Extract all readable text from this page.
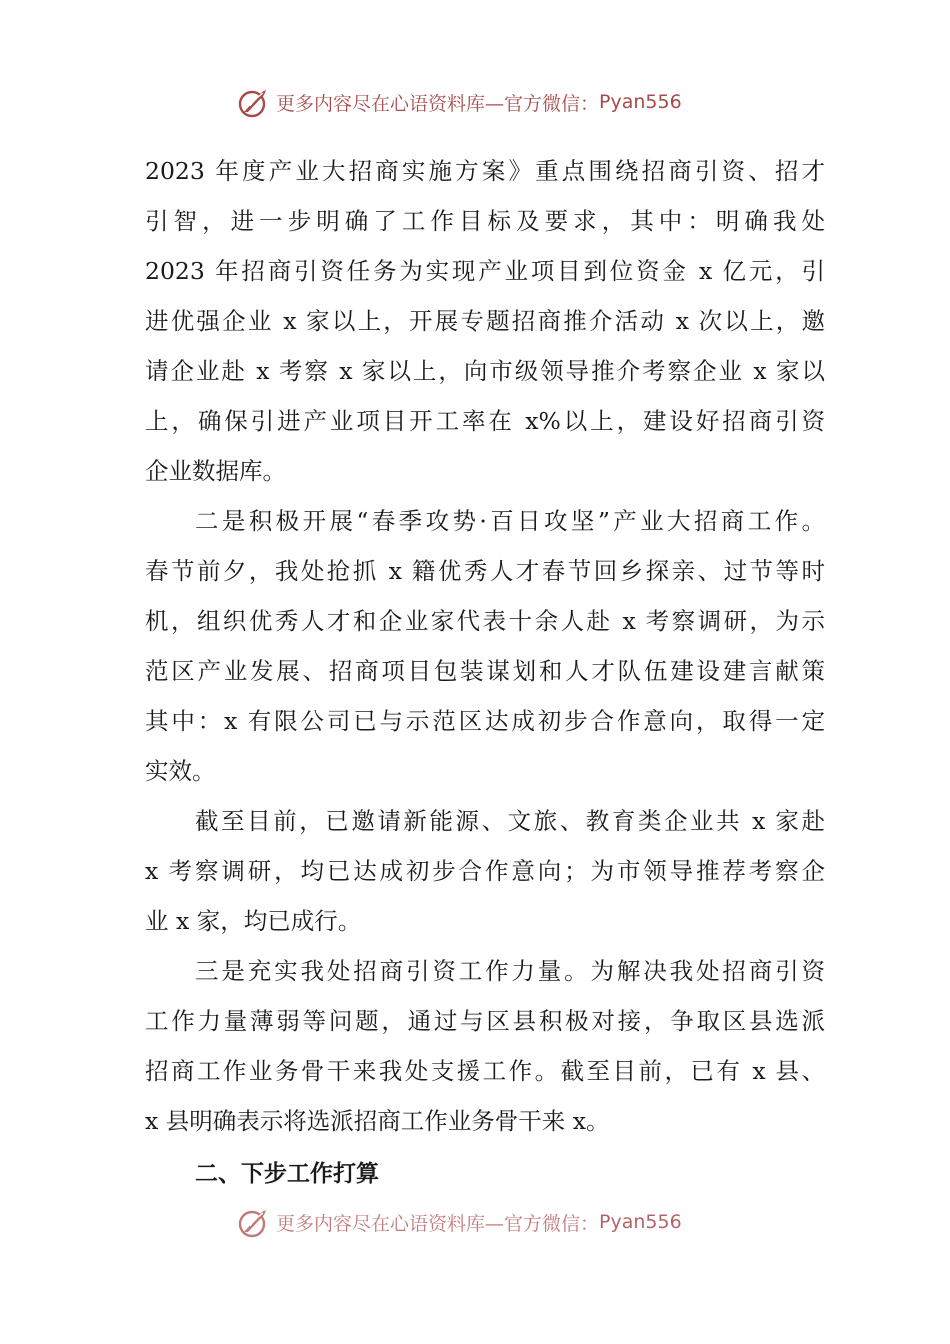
更多内容尽在心语资料库—官方微信： Pyan556
2023 年度产业大招商实施方案》重点围绕招商引资、招才
引智，进一步明确了工作目标及要求，其中：明确我处
2023 年招商引资任务为实现产业项目到位资金 x 亿元，引
进优强企业 x 家以上，开展专题招商推介活动 x 次以上，邀
请企业赴 x 考察 x 家以上，向市级领导推介考察企业 x 家以
上，确保引进产业项目开工率在 x%以上，建设好招商引资
企业数据库。
二是积极开展“春季攻势·百日攻坚”产业大招商工作。
春节前夕，我处抢抓 x 籍优秀人才春节回乡探亲、过节等时
机，组织优秀人才和企业家代表十余人赴 x 考察调研，为示
范区产业发展、招商项目包装谋划和人才队伍建设建言献策
其中：x 有限公司已与示范区达成初步合作意向，取得一定
实效。
截至目前，已邀请新能源、文旅、教育类企业共 x 家赴
x 考察调研，均已达成初步合作意向；为市领导推荐考察企
业 x 家，均已成行。
三是充实我处招商引资工作力量。为解决我处招商引资
工作力量薄弱等问题，通过与区县积极对接，争取区县选派
招商工作业务骨干来我处支援工作。截至目前，已有 x 县、
x 县明确表示将选派招商工作业务骨干来 x。
二、下步工作打算
更多内容尽在心语资料库—官方微信： Pyan556
